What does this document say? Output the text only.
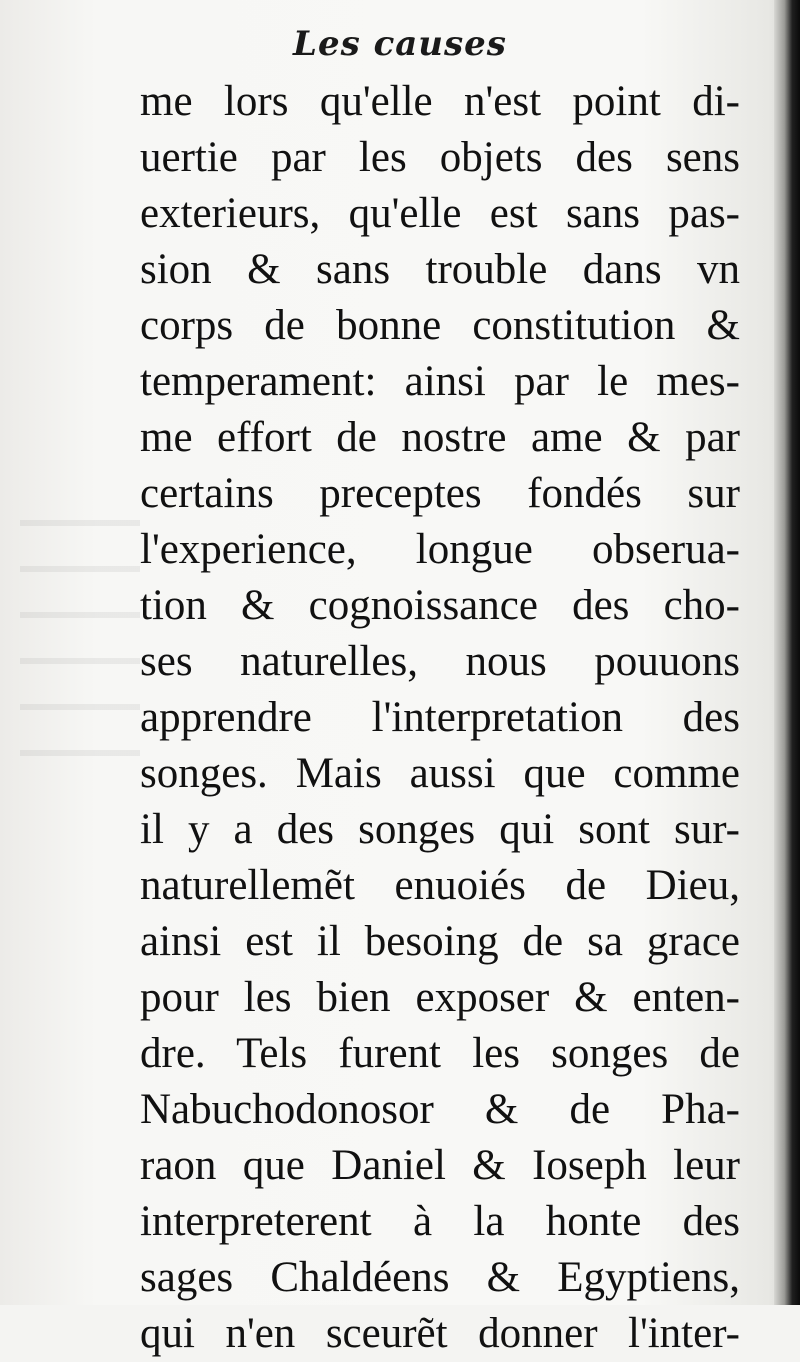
Les causes
me lors qu'elle n'est point di-
uertie par les objets des sens
exterieurs, qu'elle est sans pas-
sion & sans trouble dans vn
corps de bonne constitution &
temperament: ainsi par le mes-
me effort de nostre ame & par
certains preceptes fondés sur
l'experience, longue obserua-
tion & cognoissance des cho-
ses naturelles, nous pouuons
apprendre l'interpretation des
songes. Mais aussi que comme
il y a des songes qui sont sur-
naturellemẽt enuoiés de Dieu,
ainsi est il besoing de sa grace
pour les bien exposer & enten-
dre. Tels furent les songes de
Nabuchodonosor & de Pha-
raon que Daniel & Ioseph leur
interpreterent à la honte des
sages Chaldéens & Egyptiens,
qui n'en sceurẽt donner l'inter-
